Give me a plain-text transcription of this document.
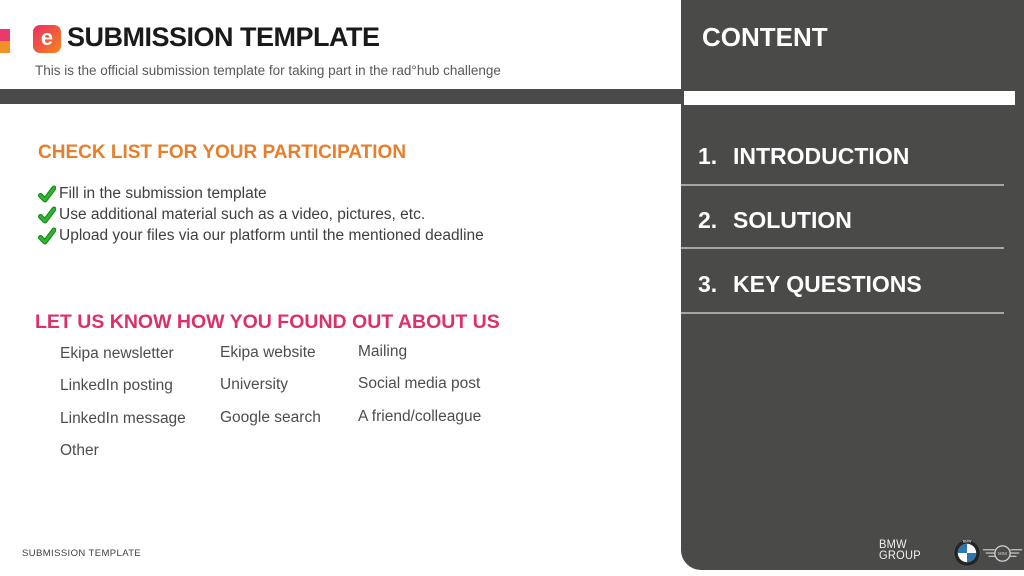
e SUBMISSION TEMPLATE

This is the official submission template for taking part in the rad°hub challenge

CHECK LIST FOR YOUR PARTICIPATION
Fill in the submission template
Use additional material such as a video, pictures, etc.
Upload your files via our platform until the mentioned deadline
LET US KNOW HOW YOU FOUND OUT ABOUT US
Ekipa newsletter
LinkedIn posting
LinkedIn message
Other
Ekipa website
University
Google search
Mailing
Social media post
A friend/colleague
CONTENT
1. INTRODUCTION
2. SOLUTION
3. KEY QUESTIONS
BMW
GROUP
BMW
MINI
SUBMISSION TEMPLATE
